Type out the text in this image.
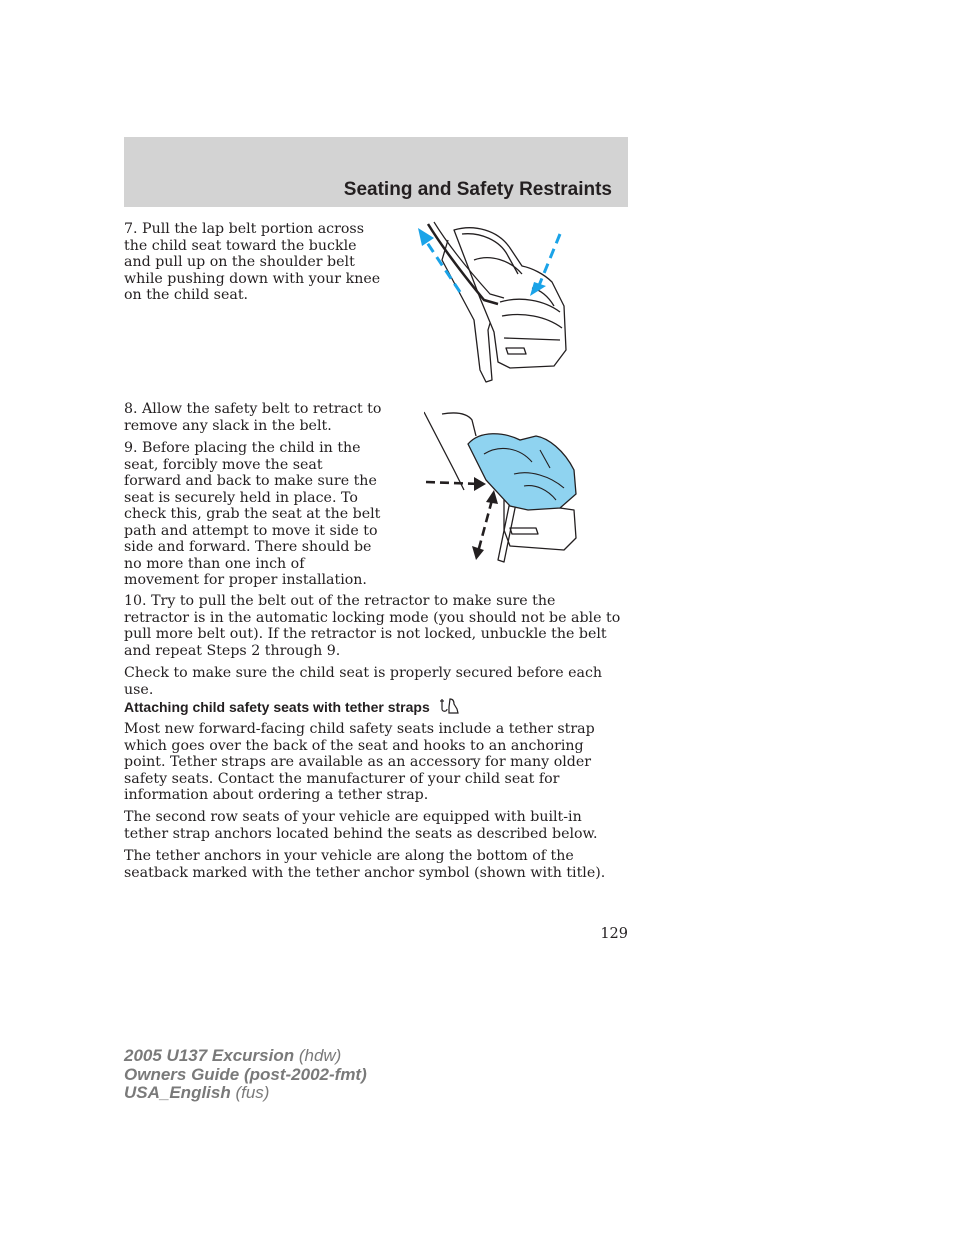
Seating and Safety Restraints

7. Pull the lap belt portion across the child seat toward the buckle and pull up on the shoulder belt while pushing down with your knee on the child seat.

8. Allow the safety belt to retract to remove any slack in the belt.

9. Before placing the child in the seat, forcibly move the seat forward and back to make sure the seat is securely held in place. To check this, grab the seat at the belt path and attempt to move it side to side and forward. There should be no more than one inch of movement for proper installation.

10. Try to pull the belt out of the retractor to make sure the retractor is in the automatic locking mode (you should not be able to pull more belt out). If the retractor is not locked, unbuckle the belt and repeat Steps 2 through 9.

Check to make sure the child seat is properly secured before each use.

Attaching child safety seats with tether straps

Most new forward-facing child safety seats include a tether strap which goes over the back of the seat and hooks to an anchoring point. Tether straps are available as an accessory for many older safety seats. Contact the manufacturer of your child seat for information about ordering a tether strap.

The second row seats of your vehicle are equipped with built-in tether strap anchors located behind the seats as described below.

The tether anchors in your vehicle are along the bottom of the seatback marked with the tether anchor symbol (shown with title).

129
2005 U137 Excursion (hdw)
Owners Guide (post-2002-fmt)
USA_English (fus)
